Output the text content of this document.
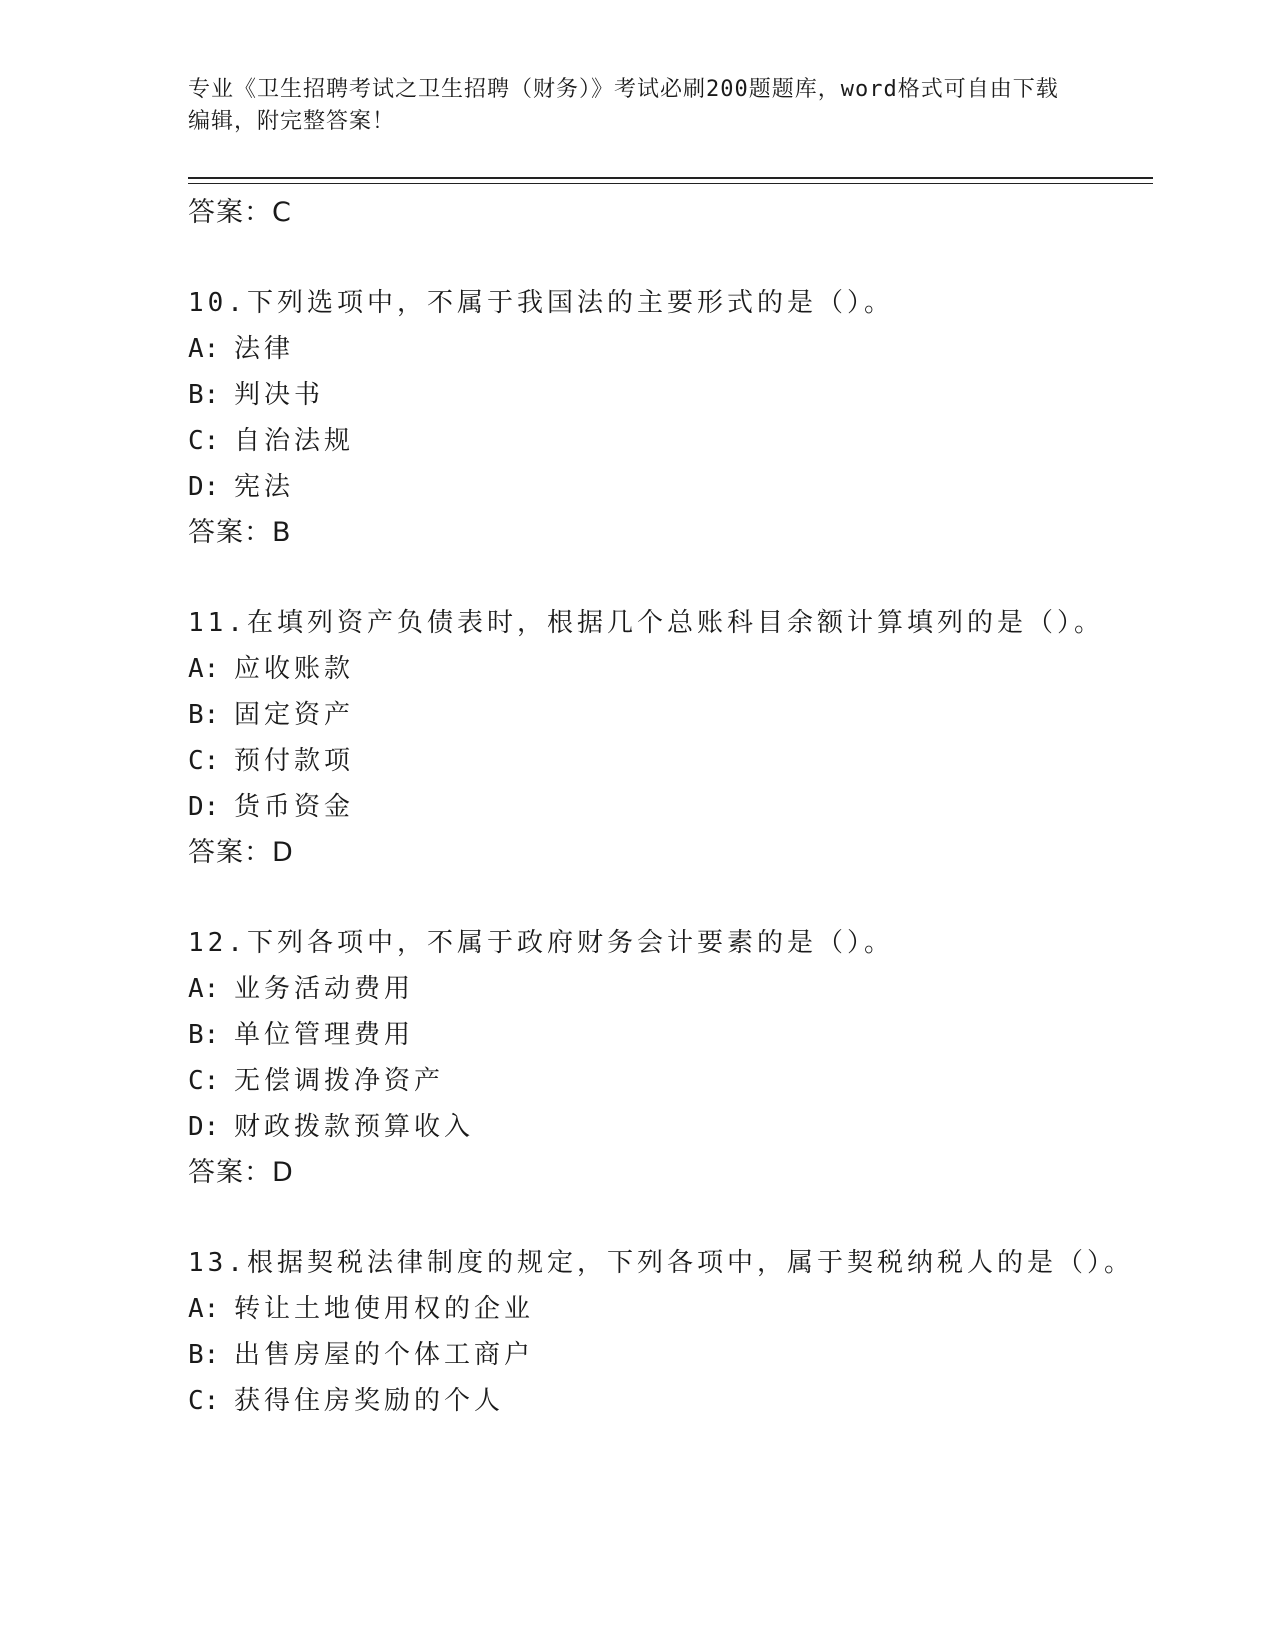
专业《卫生招聘考试之卫生招聘（财务）》考试必刷200题题库，word格式可自由下载编辑，附完整答案！
答案：C
10.下列选项中，不属于我国法的主要形式的是（）。
A: 法律
B: 判决书
C: 自治法规
D: 宪法
答案：B
11.在填列资产负债表时，根据几个总账科目余额计算填列的是（）。
A: 应收账款
B: 固定资产
C: 预付款项
D: 货币资金
答案：D
12.下列各项中，不属于政府财务会计要素的是（）。
A: 业务活动费用
B: 单位管理费用
C: 无偿调拨净资产
D: 财政拨款预算收入
答案：D
13.根据契税法律制度的规定，下列各项中，属于契税纳税人的是（）。
A: 转让土地使用权的企业
B: 出售房屋的个体工商户
C: 获得住房奖励的个人
